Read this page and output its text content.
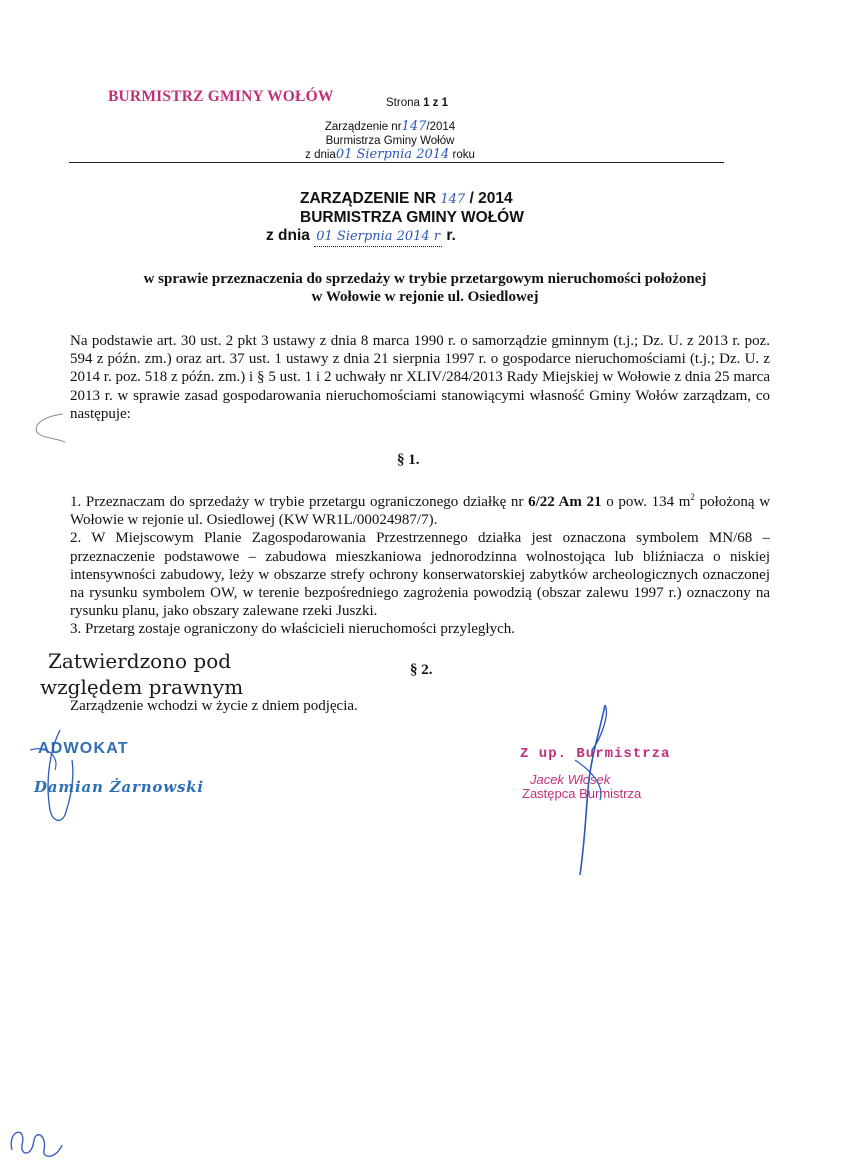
BURMISTRZ GMINY WOŁÓW	Strona 1 z 1
Zarządzenie nr147/2014
Burmistrza Gminy Wołów
z dnia01 Sierpnia 2014 roku
ZARZĄDZENIE NR 147 / 2014
BURMISTRZA GMINY WOŁÓW
z dnia 01 Sierpnia 2014 r r.
w sprawie przeznaczenia do sprzedaży w trybie przetargowym nieruchomości położonej
w Wołowie w rejonie ul. Osiedlowej
Na podstawie art. 30 ust. 2 pkt 3 ustawy z dnia 8 marca 1990 r. o samorządzie gminnym (t.j.; Dz. U. z 2013 r. poz. 594 z późn. zm.) oraz art. 37 ust. 1 ustawy z dnia 21 sierpnia 1997 r. o gospodarce nieruchomościami (t.j.; Dz. U. z 2014 r. poz. 518 z późn. zm.) i § 5 ust. 1 i 2 uchwały nr XLIV/284/2013 Rady Miejskiej w Wołowie z dnia 25 marca 2013 r. w sprawie zasad gospodarowania nieruchomościami stanowiącymi własność Gminy Wołów zarządzam, co następuje:
§ 1.

1. Przeznaczam do sprzedaży w trybie przetargu ograniczonego działkę nr 6/22 Am 21 o pow. 134 $m^2$ położoną w Wołowie w rejonie ul. Osiedlowej (KW WR1L/00024987/7).

2. W Miejscowym Planie Zagospodarowania Przestrzennego działka jest oznaczona symbolem MN/68 – przeznaczenie podstawowe – zabudowa mieszkaniowa jednorodzinna wolnostojąca lub bliźniacza o niskiej intensywności zabudowy, leży w obszarze strefy ochrony konserwatorskiej zabytków archeologicznych oznaczonej na rysunku symbolem OW, w terenie bezpośredniego zagrożenia powodzią (obszar zalewu 1997 r.) oznaczony na rysunku planu, jako obszary zalewane rzeki Juszki.

3. Przetarg zostaje ograniczony do właścicieli nieruchomości przyległych.

Zatwierdzono pod
względem prawnym
§ 2.
Zarządzenie wchodzi w życie z dniem podjęcia.
ADWOKAT
Damian Żarnowski
Z up. Burmistrza
Jacek Włosek
Zastępca Burmistrza
